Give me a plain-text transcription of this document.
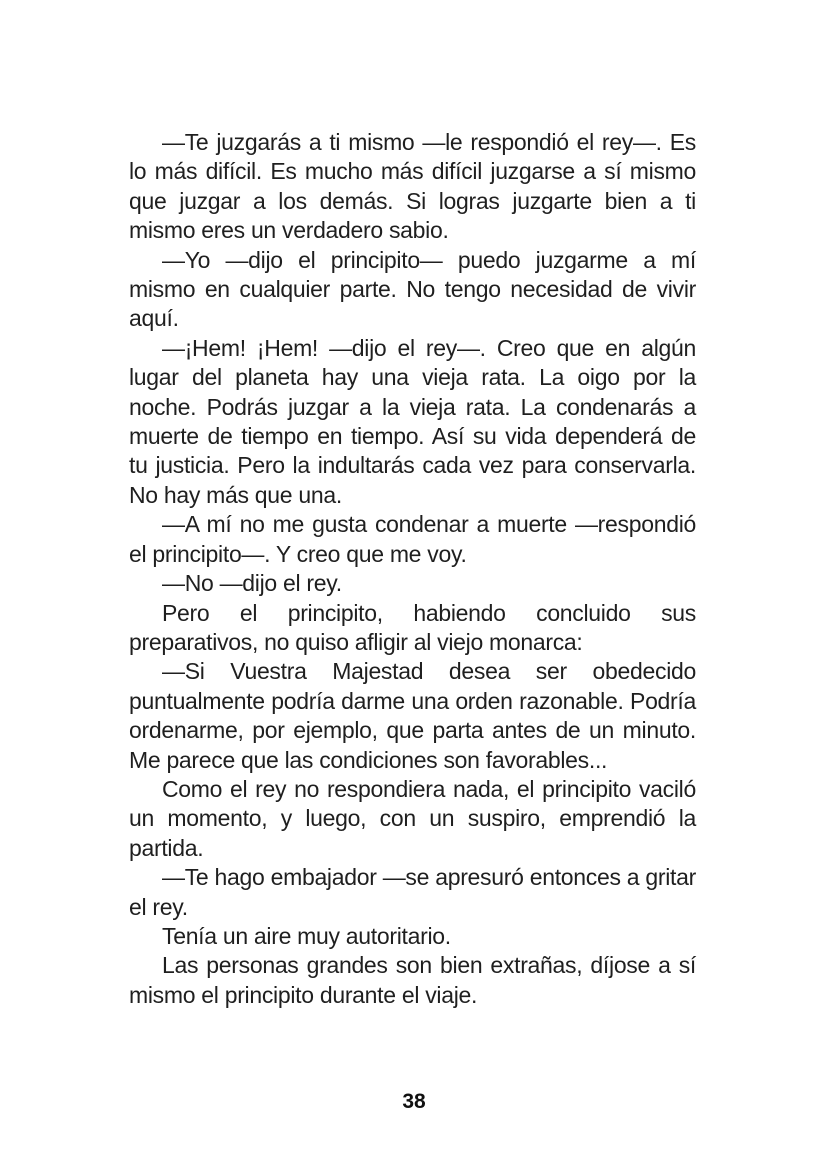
—Te juzgarás a ti mismo —le respondió el rey—. Es lo más difícil. Es mucho más difícil juzgarse a sí mismo que juzgar a los demás. Si logras juzgarte bien a ti mismo eres un verdadero sabio.

—Yo —dijo el principito— puedo juzgarme a mí mismo en cualquier parte. No tengo necesidad de vivir aquí.

—¡Hem! ¡Hem! —dijo el rey—. Creo que en algún lugar del planeta hay una vieja rata. La oigo por la noche. Podrás juzgar a la vieja rata. La condenarás a muerte de tiempo en tiempo. Así su vida dependerá de tu justicia. Pero la indultarás cada vez para conservarla. No hay más que una.

—A mí no me gusta condenar a muerte —respondió el principito—. Y creo que me voy.

—No —dijo el rey.

Pero el principito, habiendo concluido sus preparativos, no quiso afligir al viejo monarca:

—Si Vuestra Majestad desea ser obedecido puntualmente podría darme una orden razonable. Podría ordenarme, por ejemplo, que parta antes de un minuto. Me parece que las condiciones son favorables...

Como el rey no respondiera nada, el principito vaciló un momento, y luego, con un suspiro, emprendió la partida.

—Te hago embajador —se apresuró entonces a gritar el rey.

Tenía un aire muy autoritario.

Las personas grandes son bien extrañas, díjose a sí mismo el principito durante el viaje.

38
